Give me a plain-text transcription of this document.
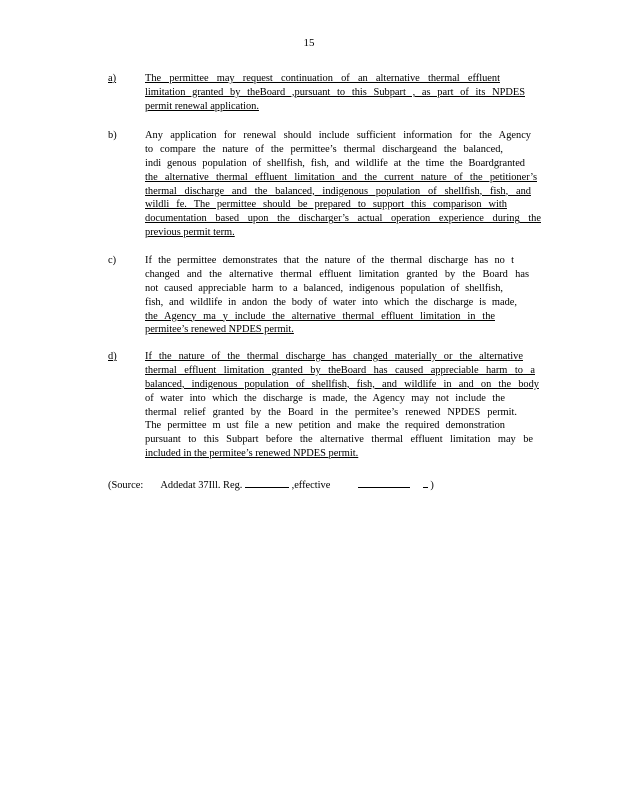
15
a)	The permittee may request continuation of an alternative thermal effluent
limitation granted by theBoard ,pursuant to this Subpart , as part of its NPDES
permit renewal application.
b)	Any application for renewal should include sufficient information for the Agency
to compare the nature of the permittee’s thermal dischargeand the balanced,
indi genous population of shellfish, fish, and wildlife at the time the Boardgranted
the alternative thermal effluent limitation and the current nature of the petitioner’s
thermal discharge and the balanced, indigenous population of shellfish, fish, and
wildli fe. The permittee should be prepared to support this comparison with
documentation based upon the discharger’s actual operation experience during the
previous permit term.
c)	If the permittee demonstrates that the nature of the thermal discharge has no t
changed and the alternative thermal effluent limitation granted by the Board has
not caused appreciable harm to a balanced, indigenous population of shellfish,
fish, and wildlife in andon the body of water into which the discharge is made,
the Agency ma y include the alternative thermal effluent limitation in the
permitee’s renewed NPDES permit.
d)	If the nature of the thermal discharge has changed materially or the alternative
thermal effluent limitation granted by theBoard has caused appreciable harm to a
balanced, indigenous population of shellfish, fish, and wildlife in and on the body
of water into which the discharge is made, the Agency may not include the
thermal relief granted by the Board in the permitee’s renewed NPDES permit.
The permittee m ust file a new petition and make the required demonstration
pursuant to this Subpart before the alternative thermal effluent limitation may be
included in the permitee’s renewed NPDES permit.
(Source: Addedat 37Ill. Reg.	,effective	)
